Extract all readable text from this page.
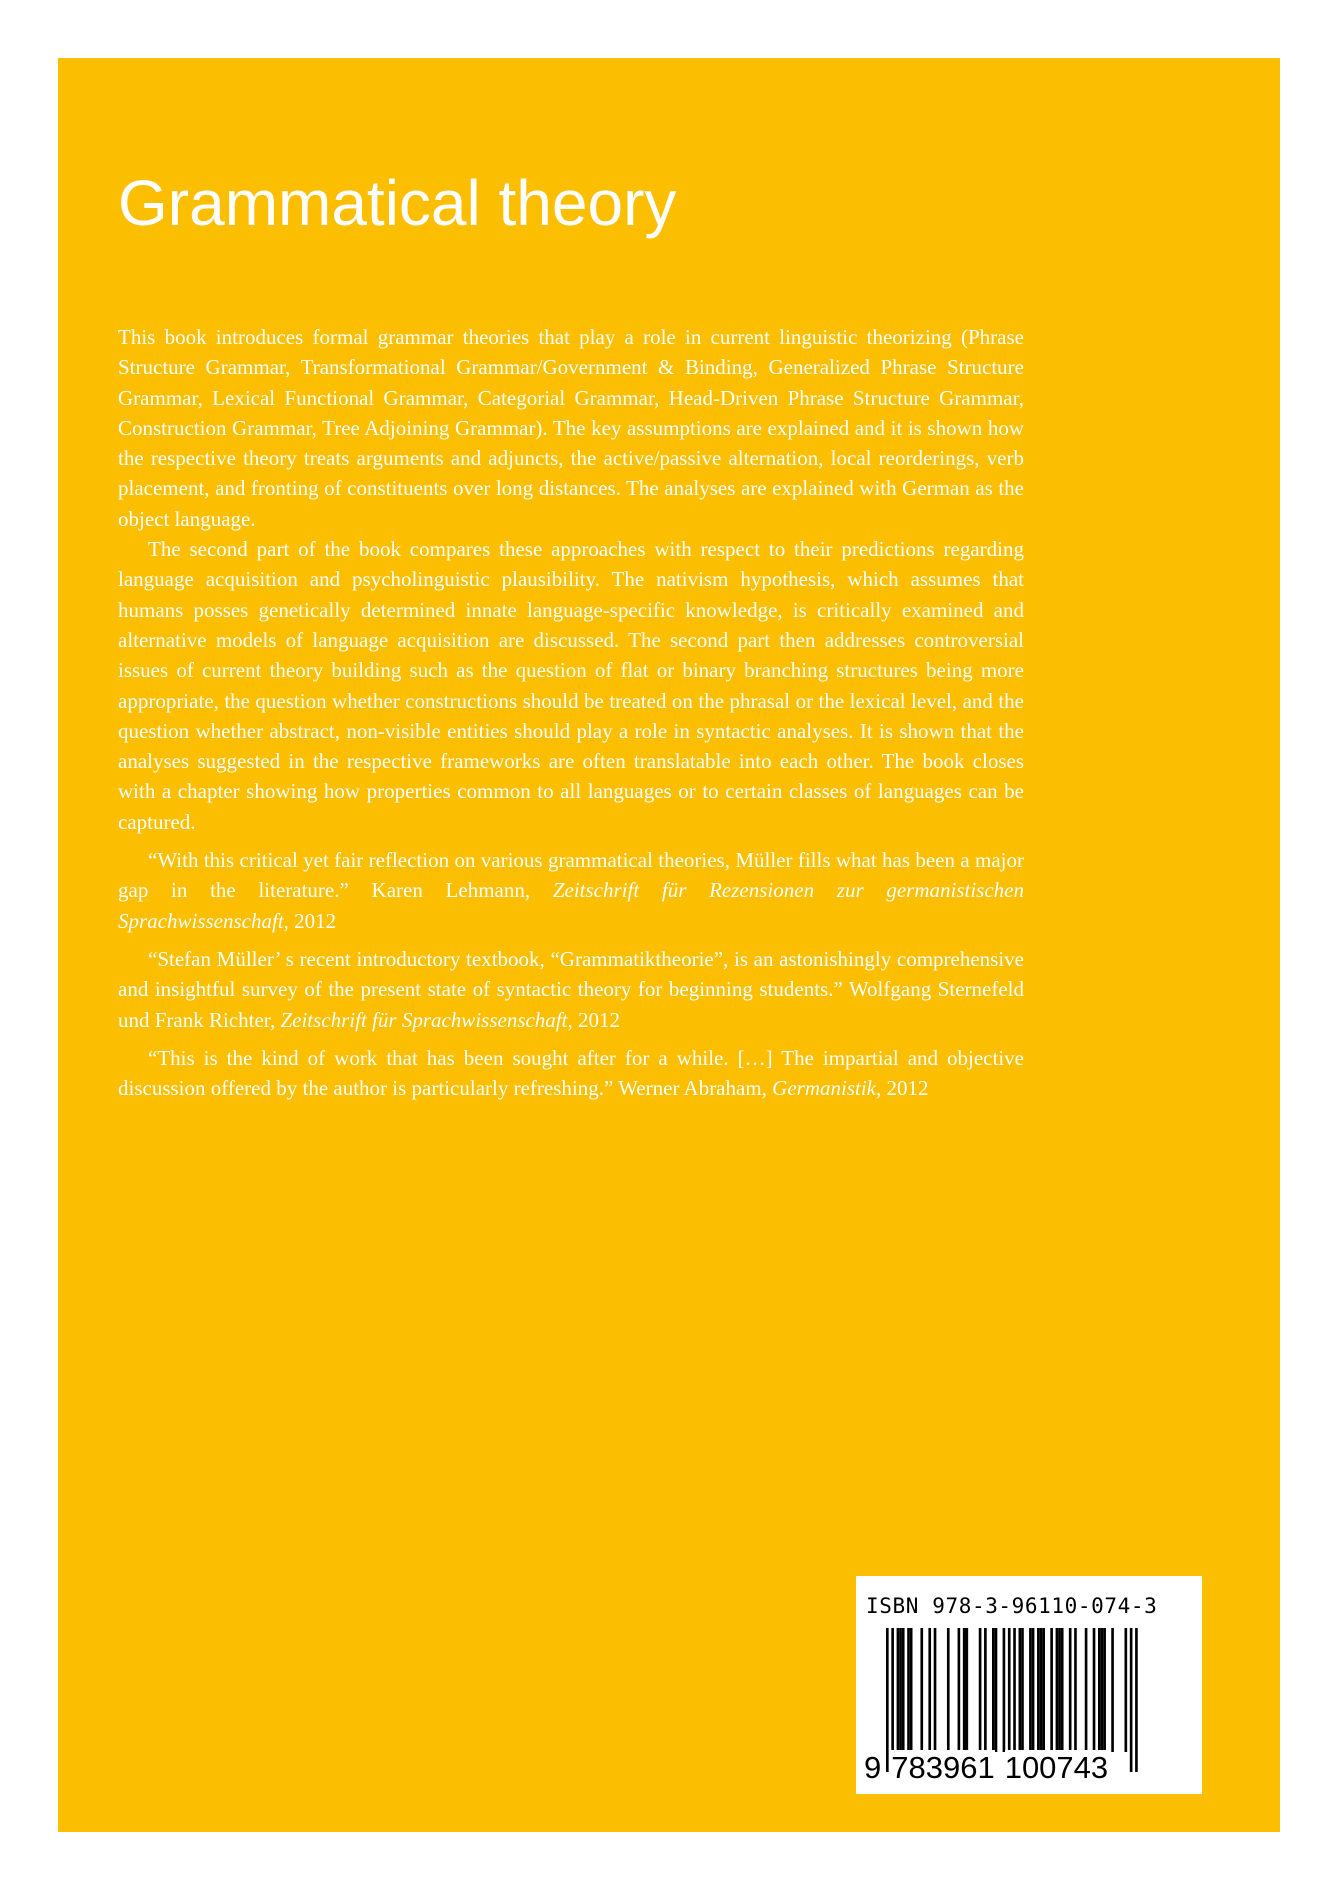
Grammatical theory

This book introduces formal grammar theories that play a role in current linguistic theorizing (Phrase Structure Grammar, Transformational Grammar/Government & Binding, Generalized Phrase Structure Grammar, Lexical Functional Grammar, Categorial Grammar, Head-Driven Phrase Structure Grammar, Construction Grammar, Tree Adjoining Grammar). The key assumptions are explained and it is shown how the respective theory treats arguments and adjuncts, the active/passive alternation, local reorderings, verb placement, and fronting of constituents over long distances. The analyses are explained with German as the object language.

The second part of the book compares these approaches with respect to their predictions regarding language acquisition and psycholinguistic plausibility. The nativism hypothesis, which assumes that humans posses genetically determined innate language-specific knowledge, is critically examined and alternative models of language acquisition are discussed. The second part then addresses controversial issues of current theory building such as the question of flat or binary branching structures being more appropriate, the question whether constructions should be treated on the phrasal or the lexical level, and the question whether abstract, non-visible entities should play a role in syntactic analyses. It is shown that the analyses suggested in the respective frameworks are often translatable into each other. The book closes with a chapter showing how properties common to all languages or to certain classes of languages can be captured.

“With this critical yet fair reflection on various grammatical theories, Müller fills what has been a major gap in the literature.” Karen Lehmann, Zeitschrift für Rezensionen zur germanistischen Sprachwissenschaft, 2012

“Stefan Müller’ s recent introductory textbook, “Grammatiktheorie”, is an astonishingly comprehensive and insightful survey of the present state of syntactic theory for beginning students.” Wolfgang Sternefeld und Frank Richter, Zeitschrift für Sprachwissenschaft, 2012

“This is the kind of work that has been sought after for a while. […] The impartial and objective discussion offered by the author is particularly refreshing.” Werner Abraham, Germanistik, 2012

ISBN 978-3-96110-074-3
9 783961 100743
